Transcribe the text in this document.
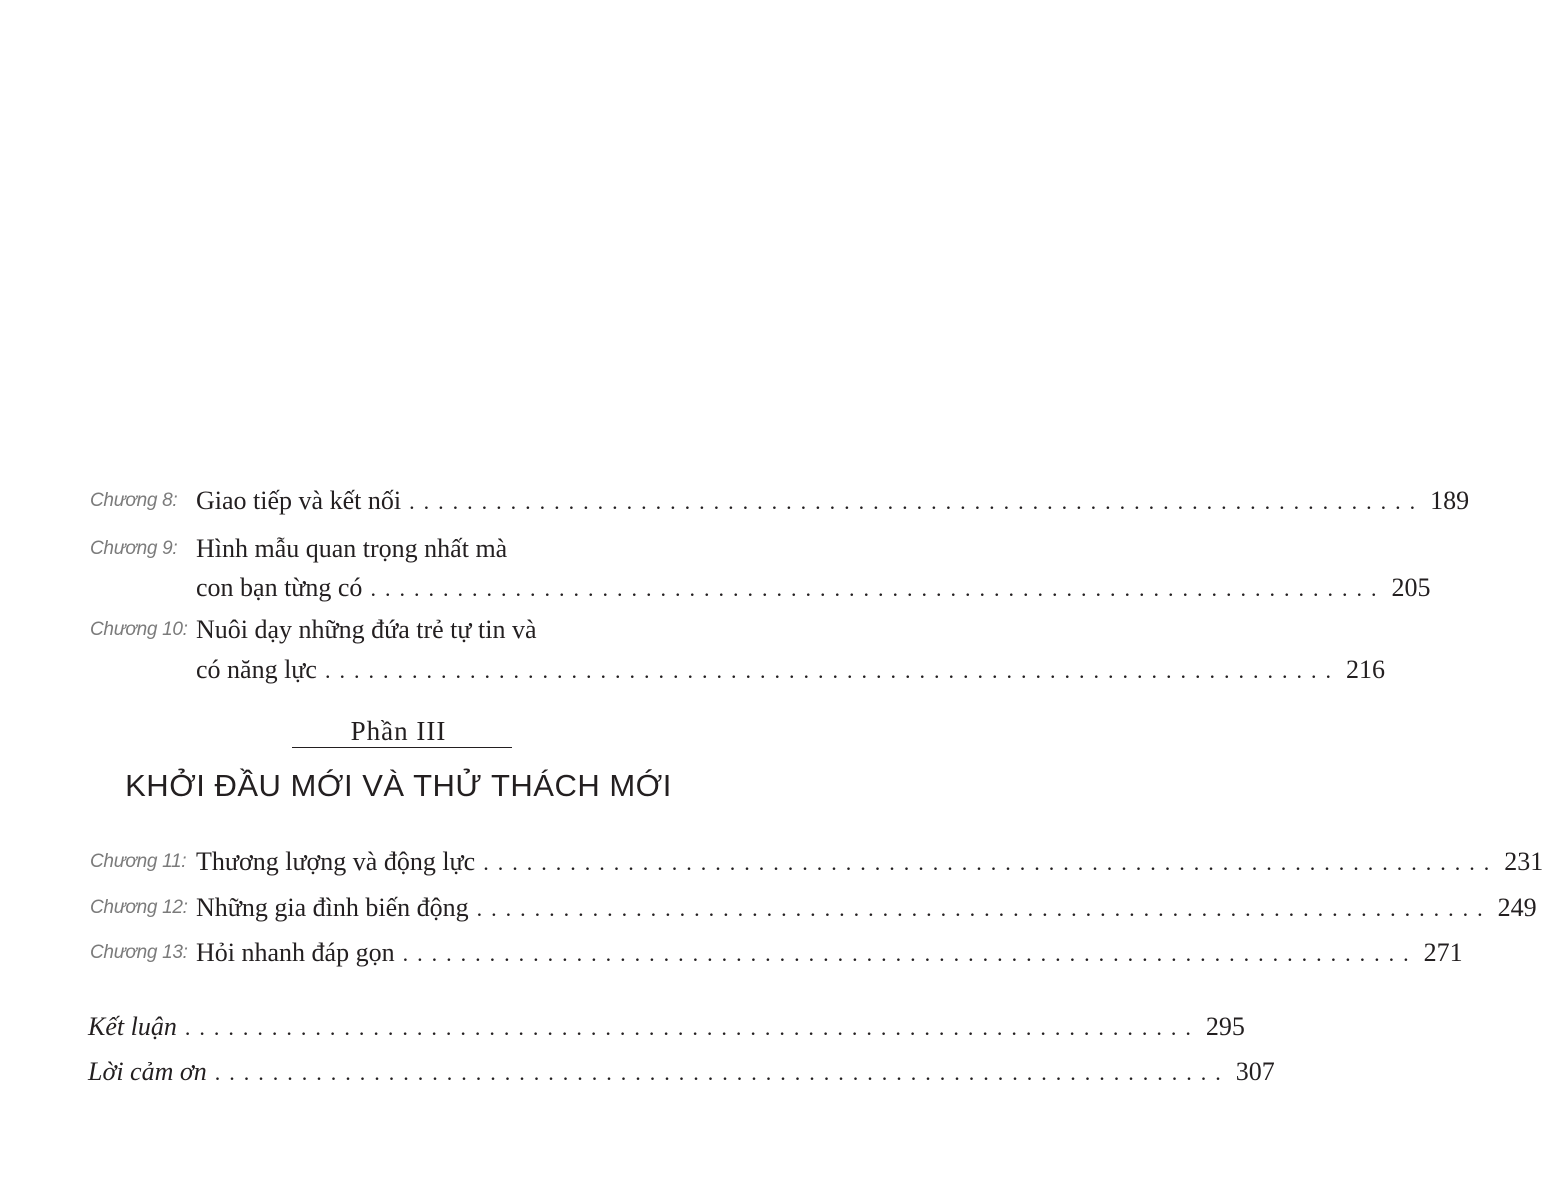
Chương 8: Giao tiếp và kết nối ...................................................................... 189
Chương 9: Hình mẫu quan trọng nhất mà
con bạn từng có ...................................................................... 205
Chương 10: Nuôi dạy những đứa trẻ tự tin và
có năng lực ...................................................................... 216
Phần III
KHỞI ĐẦU MỚI VÀ THỬ THÁCH MỚI
Chương 11: Thương lượng và động lực ...................................................................... 231
Chương 12: Những gia đình biến động ...................................................................... 249
Chương 13: Hỏi nhanh đáp gọn ...................................................................... 271
Kết luận ...................................................................... 295
Lời cảm ơn ...................................................................... 307
